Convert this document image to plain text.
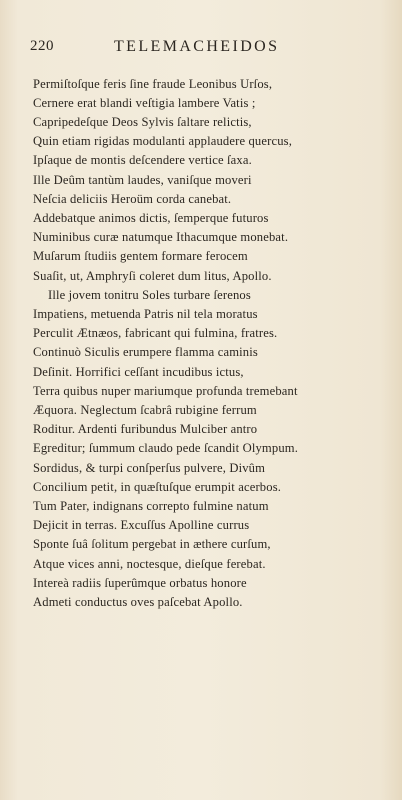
220	TELEMACHEIDOS
Permiſtoſque feris ſine fraude Leonibus Urſos,
Cernere erat blandi veſtigia lambere Vatis ;
Capripedeſque Deos Sylvis ſaltare relictis,
Quin etiam rigidas modulanti applaudere quercus,
Ipſaque de montis deſcendere vertice ſaxa.
Ille Deûm tantùm laudes, vaniſque moveri
Neſcia deliciis Heroüm corda canebat.
Addebatque animos dictis, ſemperque futuros
Numinibus curæ natumque Ithacumque monebat.
Muſarum ſtudiis gentem formare ferocem
Suaſit, ut, Amphryſi coleret dum litus, Apollo.
Ille jovem tonitru Soles turbare ſerenos
Impatiens, metuenda Patris nil tela moratus
Perculit Ætnæos, fabricant qui fulmina, fratres.
Continuò Siculis erumpere flamma caminis
Deſinit. Horrifici ceſſant incudibus ictus,
Terra quibus nuper mariumque profunda tremebant
Æquora. Neglectum ſcabrâ rubigine ferrum
Roditur. Ardenti furibundus Mulciber antro
Egreditur; ſummum claudo pede ſcandit Olympum.
Sordidus, & turpi conſperſus pulvere, Divûm
Concilium petit, in quæſtuſque erumpit acerbos.
Tum Pater, indignans correpto fulmine natum
Dejicit in terras. Excuſſus Apolline currus
Sponte ſuâ ſolitum pergebat in æthere curſum,
Atque vices anni, noctesque, dieſque ferebat.
Intereà radiis ſuperûmque orbatus honore
Admeti conductus oves paſcebat Apollo.
